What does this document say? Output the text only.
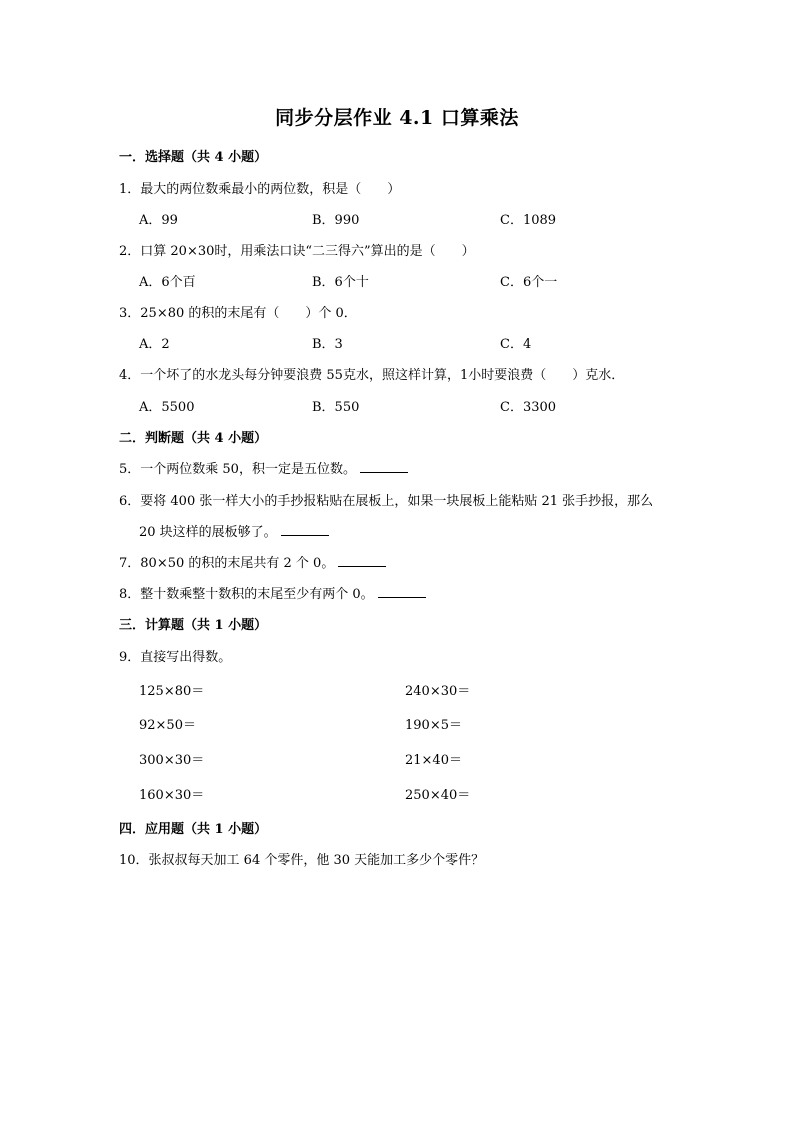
同步分层作业 4.1 口算乘法
一．选择题（共 4 小题）
1．最大的两位数乘最小的两位数，积是（　　）
A．99	B．990	C．1089
2．口算 20×30时，用乘法口诀“二三得六”算出的是（　　）
A．6个百	B．6个十	C．6个一
3．25×80 的积的末尾有（　　）个 0．
A．2	B．3	C．4
4．一个坏了的水龙头每分钟要浪费 55克水，照这样计算，1小时要浪费（　　）克水．
A．5500	B．550	C．3300
二．判断题（共 4 小题）
5．一个两位数乘 50，积一定是五位数。
6．要将 400 张一样大小的手抄报粘贴在展板上，如果一块展板上能粘贴 21 张手抄报，那么
20 块这样的展板够了。
7．80×50 的积的末尾共有 2 个 0。
8．整十数乘整十数积的末尾至少有两个 0。
三．计算题（共 1 小题）
9．直接写出得数。
125×80＝	240×30＝
92×50＝	190×5＝
300×30＝	21×40＝
160×30＝	250×40＝
四．应用题（共 1 小题）
10．张叔叔每天加工 64 个零件，他 30 天能加工多少个零件？
